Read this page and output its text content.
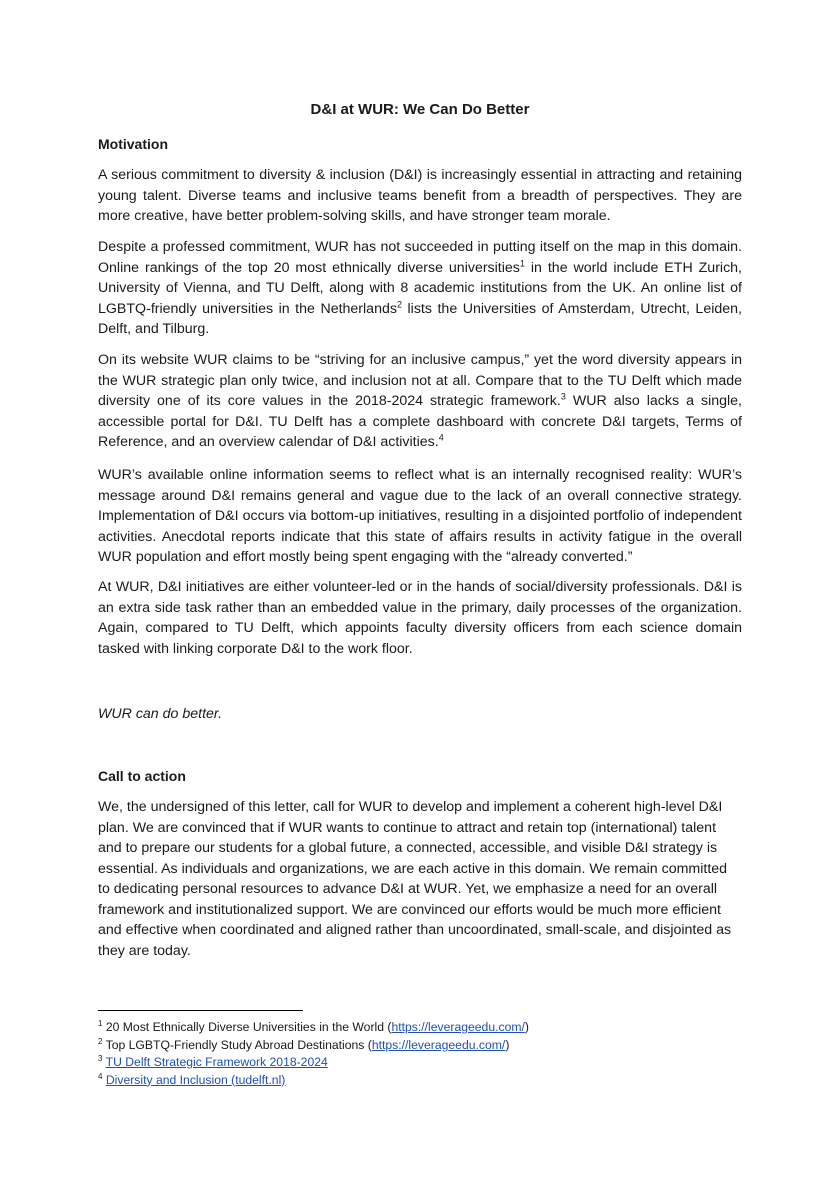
D&I at WUR: We Can Do Better
Motivation

A serious commitment to diversity & inclusion (D&I) is increasingly essential in attracting and retaining young talent. Diverse teams and inclusive teams benefit from a breadth of perspectives. They are more creative, have better problem-solving skills, and have stronger team morale.

Despite a professed commitment, WUR has not succeeded in putting itself on the map in this domain. Online rankings of the top 20 most ethnically diverse universities$^1$ in the world include ETH Zurich, University of Vienna, and TU Delft, along with 8 academic institutions from the UK. An online list of LGBTQ-friendly universities in the Netherlands$^2$ lists the Universities of Amsterdam, Utrecht, Leiden, Delft, and Tilburg.

On its website WUR claims to be “striving for an inclusive campus,” yet the word diversity appears in the WUR strategic plan only twice, and inclusion not at all. Compare that to the TU Delft which made diversity one of its core values in the 2018-2024 strategic framework.$^3$ WUR also lacks a single, accessible portal for D&I. TU Delft has a complete dashboard with concrete D&I targets, Terms of Reference, and an overview calendar of D&I activities.$^4$

WUR’s available online information seems to reflect what is an internally recognised reality: WUR’s message around D&I remains general and vague due to the lack of an overall connective strategy. Implementation of D&I occurs via bottom-up initiatives, resulting in a disjointed portfolio of independent activities. Anecdotal reports indicate that this state of affairs results in activity fatigue in the overall WUR population and effort mostly being spent engaging with the “already converted.”

At WUR, D&I initiatives are either volunteer-led or in the hands of social/diversity professionals. D&I is an extra side task rather than an embedded value in the primary, daily processes of the organization. Again, compared to TU Delft, which appoints faculty diversity officers from each science domain tasked with linking corporate D&I to the work floor.

WUR can do better.
Call to action

We, the undersigned of this letter, call for WUR to develop and implement a coherent high-level D&I plan. We are convinced that if WUR wants to continue to attract and retain top (international) talent and to prepare our students for a global future, a connected, accessible, and visible D&I strategy is essential. As individuals and organizations, we are each active in this domain. We remain committed to dedicating personal resources to advance D&I at WUR. Yet, we emphasize a need for an overall framework and institutionalized support. We are convinced our efforts would be much more efficient and effective when coordinated and aligned rather than uncoordinated, small-scale, and disjointed as they are today.

$^1$ 20 Most Ethnically Diverse Universities in the World (https://leverageedu.com/)
$^2$ Top LGBTQ-Friendly Study Abroad Destinations (https://leverageedu.com/)
$^3$ TU Delft Strategic Framework 2018-2024
$^4$ Diversity and Inclusion (tudelft.nl)
